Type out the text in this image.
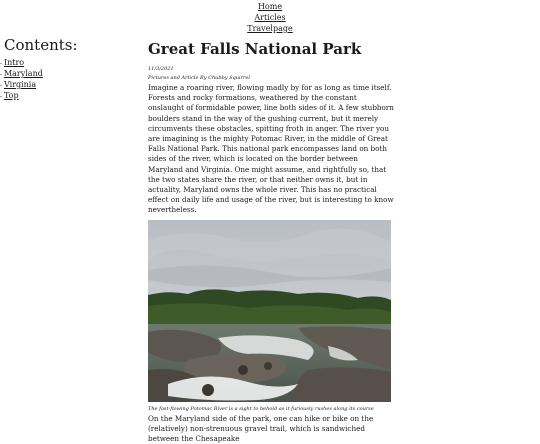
Home
Articles
Travelpage
Contents:
- Intro
- Maryland
- Virginia
- Top
Great Falls National Park
11/3/2021
Pictures and Article By Chubby Squirrel

Imagine a roaring river, flowing madly by for as long as time itself. Forests and rocky formations, weathered by the constant onslaught of formidable power, line both sides of it. A few stubborn boulders stand in the way of the gushing current, but it merely circumvents these obstacles, spitting froth in anger. The river you are imagining is the mighty Potomac River, in the middle of Great Falls National Park. This national park encompasses land on both sides of the river, which is located on the border between Maryland and Virginia. One might assume, and rightfully so, that the two states share the river, or that neither owns it, but in actuality, Maryland owns the whole river. This has no practical effect on daily life and usage of the river, but is interesting to know nevertheless.

The fast-flowing Potomac River is a sight to behold as it furiously rushes along its course

On the Maryland side of the park, one can hike or bike on the (relatively) non-strenuous gravel trail, which is sandwiched between the Chesapeake
